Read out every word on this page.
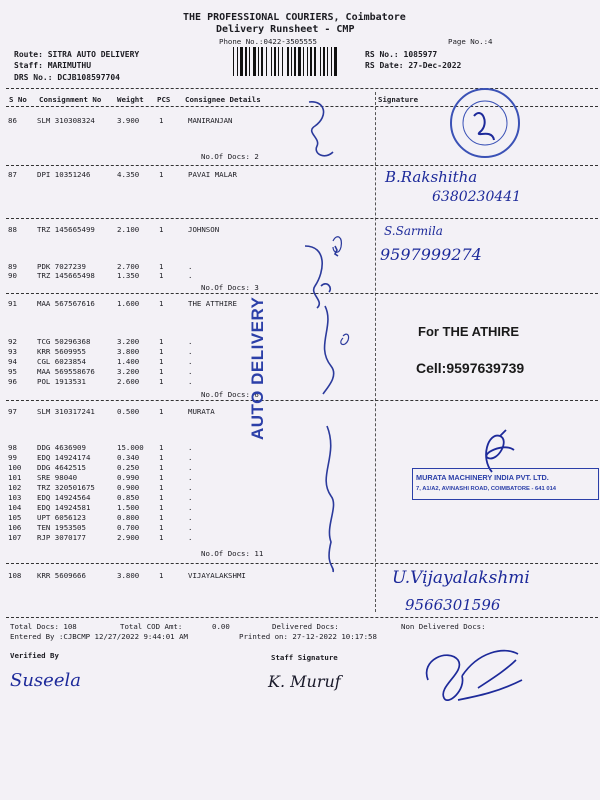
THE PROFESSIONAL COURIERS, Coimbatore
Delivery Runsheet - CMP
Phone No.:0422-3505555	Page No.:4
Route: SITRA AUTO DELIVERY
Staff: MARIMUTHU
DRS No.: DCJB108597704
RS No.: 1085977
RS Date: 27-Dec-2022
S No Consignment No Weight PCS Consignee Details	Signature
86	SLM 310308324	3.900	1	MANIRANJAN
87	DPI 10351246	4.350	1	PAVAI MALAR
88	TRZ 145665499	2.100	1	JOHNSON
89	PDK 7027239	2.700	1	.
90	TRZ 145665498	1.350	1	.
91	MAA 567567616	1.600	1	THE ATTHIRE
92	TCG 50296368	3.200	1	.
93	KRR 5609955	3.800	1	.
94	CGL 6023854	1.400	1	.
95	MAA 569558676	3.200	1	.
96	POL 1913531	2.600	1	.
97	SLM 310317241	0.500	1	MURATA
98	DDG 4636909	15.000 1	.
99	EDQ 14924174	0.340	1	.
100 DDG 4642515	0.250	1	.
101 SRE 98040	0.990	1	.
102 TRZ 320501675	0.900	1	.
103 EDQ 14924564	0.850	1	.
104 EDQ 14924581	1.500	1	.
105 UPT 6056123	0.800	1	.
106 TEN 1953505	0.700	1	.
107 RJP 3070177	2.900	1	.
108 KRR 5609666	3.800	1	VIJAYALAKSHMI
No.Of Docs: 2
No.Of Docs: 3
No.Of Docs: 6
No.Of Docs: 11
AUTO DELIVERY
B.Rakshitha
6380230441
S.Sarmila
9597999274
For THE ATHIRE
Cell:9597639739
MURATA MACHINERY INDIA PVT. LTD.
7, A1/A2, AVINASHI ROAD, COIMBATORE - 641 014
U.Vijayalakshmi
9566301596
Total Docs: 108	Total COD Amt:	0.00	Delivered Docs:	Non Delivered Docs:
Entered By :CJBCMP 12/27/2022 9:44:01 AM	Printed on: 27-12-2022 10:17:58
Verified By	Staff Signature
Suseela	K. Muruf
